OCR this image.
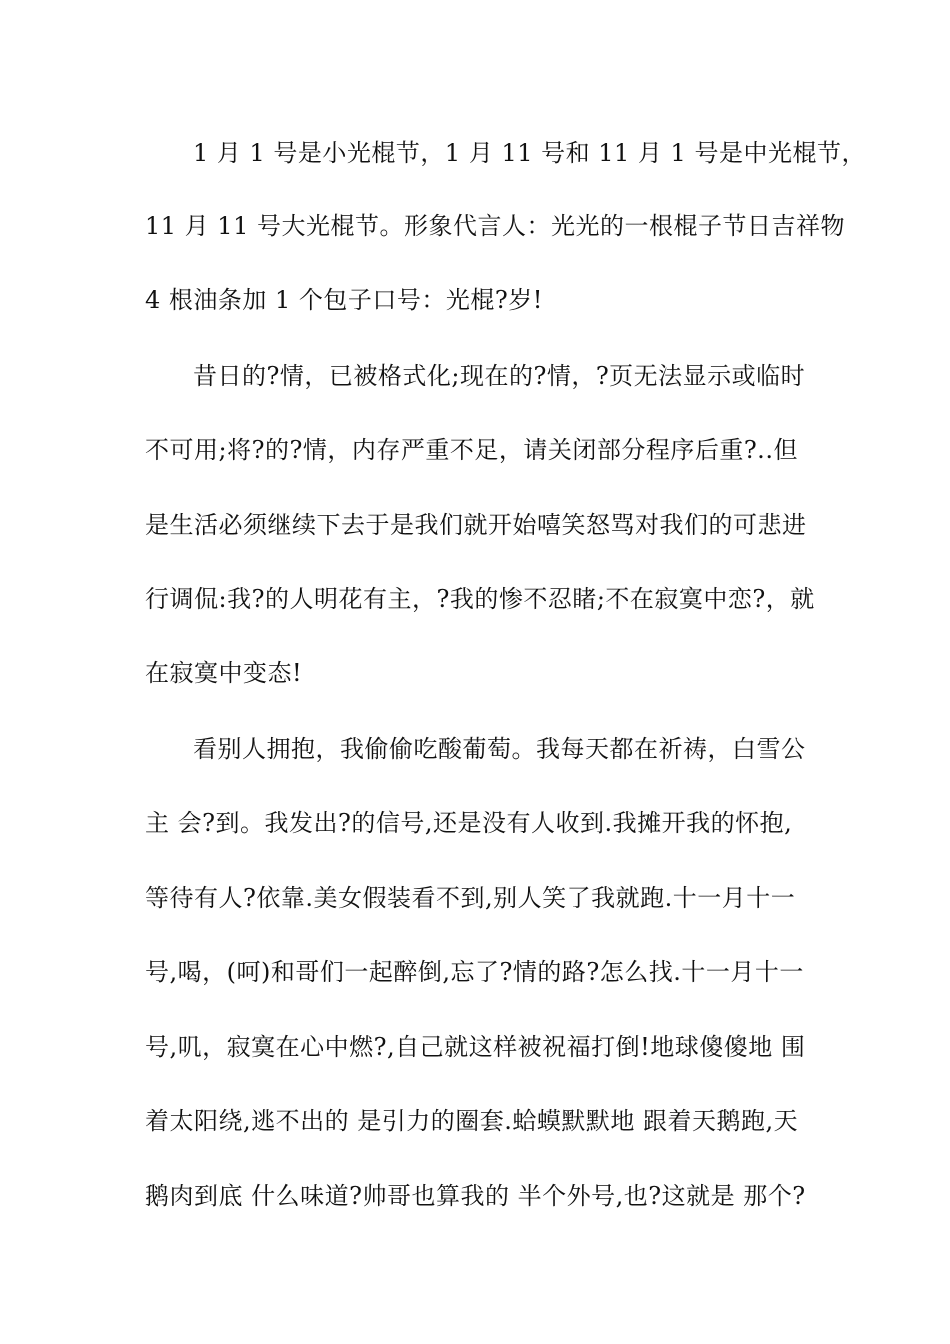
1 月 1 号是小光棍节，1 月 11 号和 11 月 1 号是中光棍节，
11 月 11 号大光棍节。形象代言人：光光的一根棍子节日吉祥物
4 根油条加 1 个包子口号：光棍?岁!
昔日的?情，已被格式化;现在的?情，?页无法显示或临时
不可用;将?的?情，内存严重不足，请关闭部分程序后重?..但
是生活必须继续下去于是我们就开始嘻笑怒骂对我们的可悲进
行调侃:我?的人明花有主，?我的惨不忍睹;不在寂寞中恋?，就
在寂寞中变态!
看别人拥抱，我偷偷吃酸葡萄。我每天都在祈祷，白雪公
主 会?到。我发出?的信号,还是没有人收到.我摊开我的怀抱,
等待有人?依靠.美女假装看不到,别人笑了我就跑.十一月十一
号,喝，(呵)和哥们一起醉倒,忘了?情的路?怎么找.十一月十一
号,叽，寂寞在心中燃?,自己就这样被祝福打倒!地球傻傻地 围
着太阳绕,逃不出的 是引力的圈套.蛤蟆默默地 跟着天鹅跑,天
鹅肉到底 什么味道?帅哥也算我的 半个外号,也?这就是 那个?
